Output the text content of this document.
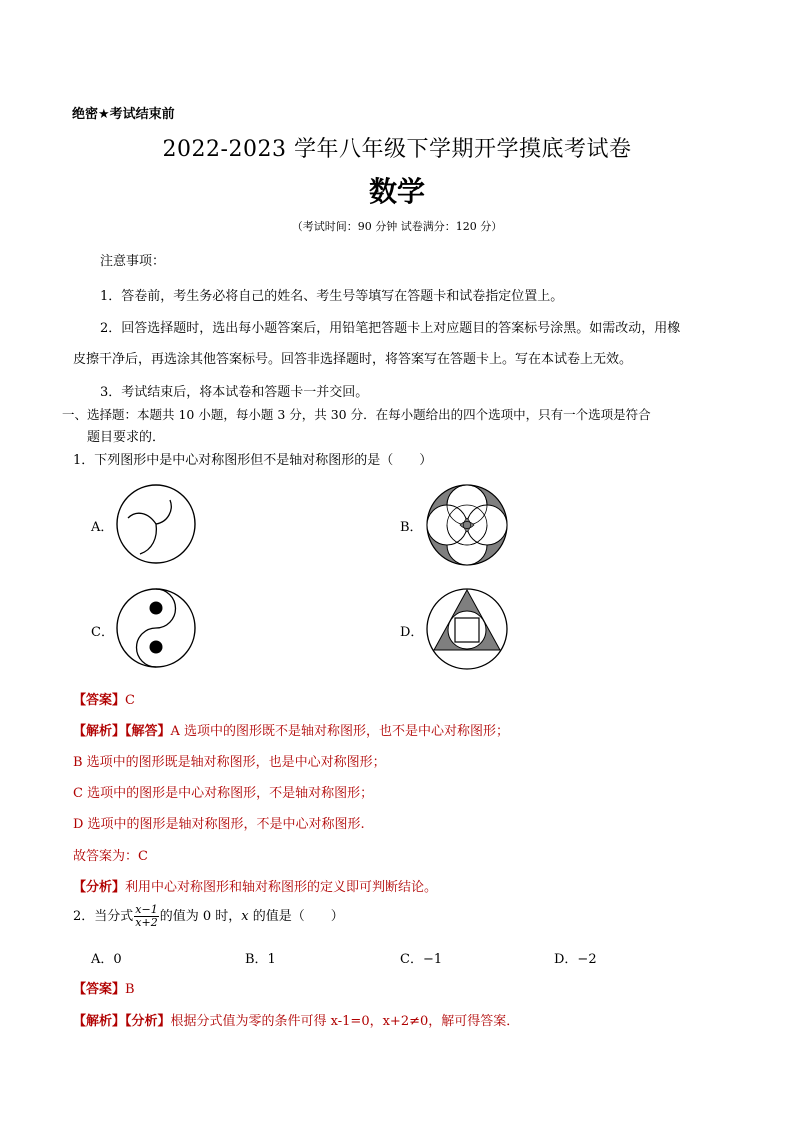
绝密★考试结束前
2022-2023 学年八年级下学期开学摸底考试卷
数学
（考试时间：90 分钟 试卷满分：120 分）
注意事项：
1．答卷前，考生务必将自己的姓名、考生号等填写在答题卡和试卷指定位置上。
2．回答选择题时，选出每小题答案后，用铅笔把答题卡上对应题目的答案标号涂黑。如需改动，用橡
皮擦干净后，再选涂其他答案标号。回答非选择题时，将答案写在答题卡上。写在本试卷上无效。
3．考试结束后，将本试卷和答题卡一并交回。
一、选择题：本题共 10 小题，每小题 3 分，共 30 分．在每小题给出的四个选项中，只有一个选项是符合
题目要求的．
1．下列图形中是中心对称图形但不是轴对称图形的是（　　）
A．	B．
C．	D．
【答案】C
【解析】【解答】A 选项中的图形既不是轴对称图形，也不是中心对称图形；
B 选项中的图形既是轴对称图形，也是中心对称图形；
C 选项中的图形是中心对称图形，不是轴对称图形；
D 选项中的图形是轴对称图形，不是中心对称图形.
故答案为：C
【分析】利用中心对称图形和轴对称图形的定义即可判断结论。
2．当分式 $\frac{x-1}{x+2}$ 的值为 0 时，x 的值是（　　）
A．0	B．1	C．−1	D．−2
【答案】B
【解析】【分析】根据分式值为零的条件可得 x-1=0，x+2≠0，解可得答案．
